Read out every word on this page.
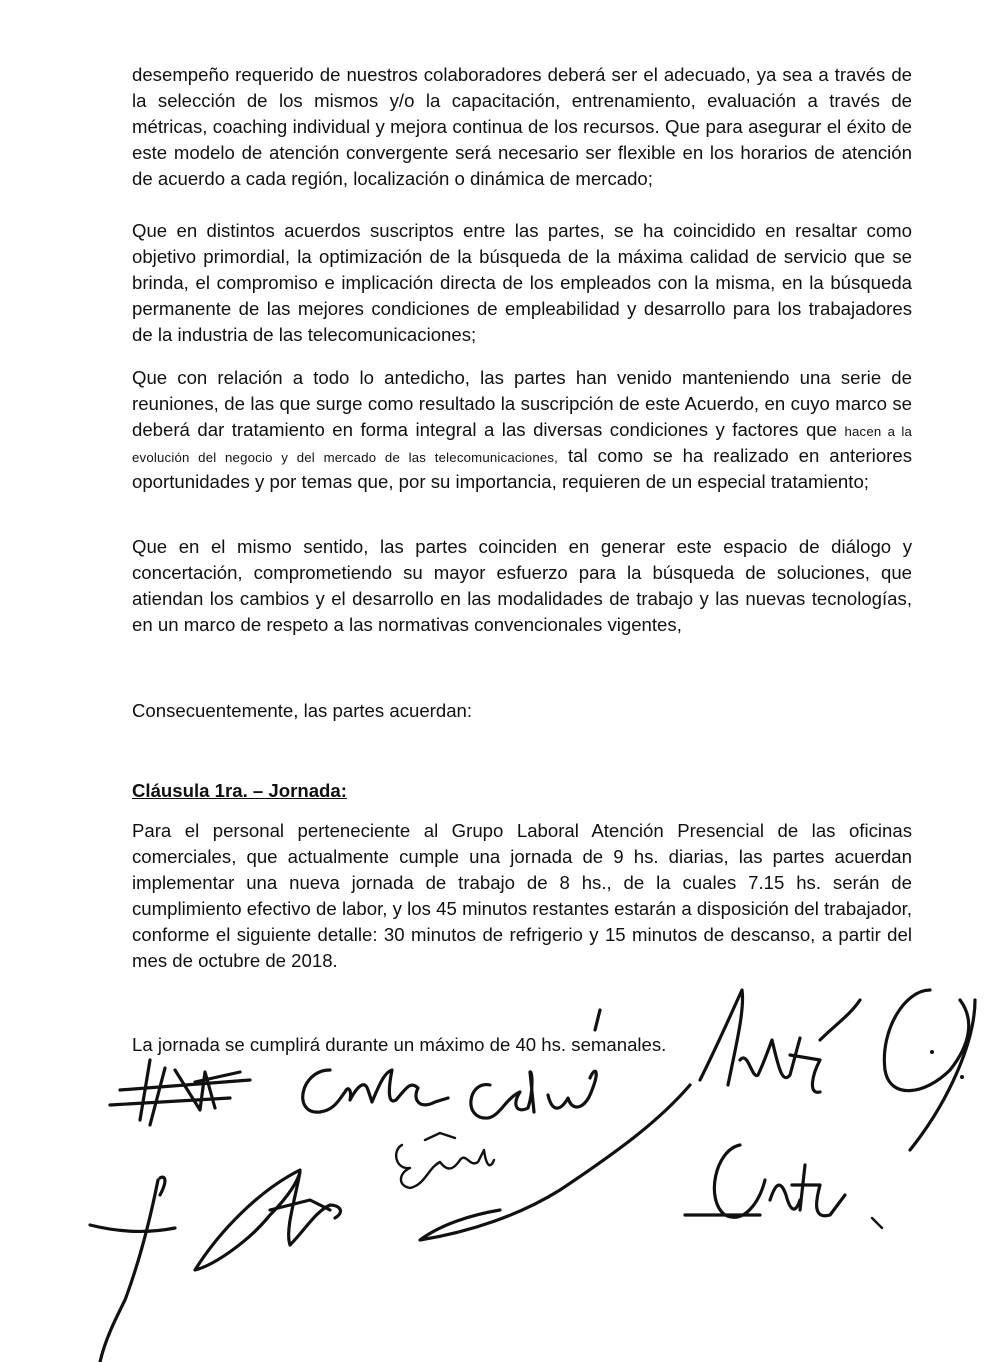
desempeño requerido de nuestros colaboradores deberá ser el adecuado, ya sea a través de la selección de los mismos y/o la capacitación, entrenamiento, evaluación a través de métricas, coaching individual y mejora continua de los recursos. Que para asegurar el éxito de este modelo de atención convergente será necesario ser flexible en los horarios de atención de acuerdo a cada región, localización o dinámica de mercado;

Que en distintos acuerdos suscriptos entre las partes, se ha coincidido en resaltar como objetivo primordial, la optimización de la búsqueda de la máxima calidad de servicio que se brinda, el compromiso e implicación directa de los empleados con la misma, en la búsqueda permanente de las mejores condiciones de empleabilidad y desarrollo para los trabajadores de la industria de las telecomunicaciones;

Que con relación a todo lo antedicho, las partes han venido manteniendo una serie de reuniones, de las que surge como resultado la suscripción de este Acuerdo, en cuyo marco se deberá dar tratamiento en forma integral a las diversas condiciones y factores que hacen a la evolución del negocio y del mercado de las telecomunicaciones, tal como se ha realizado en anteriores oportunidades y por temas que, por su importancia, requieren de un especial tratamiento;

Que en el mismo sentido, las partes coinciden en generar este espacio de diálogo y concertación, comprometiendo su mayor esfuerzo para la búsqueda de soluciones, que atiendan los cambios y el desarrollo en las modalidades de trabajo y las nuevas tecnologías, en un marco de respeto a las normativas convencionales vigentes,

Consecuentemente, las partes acuerdan:

Cláusula 1ra. – Jornada:

Para el personal perteneciente al Grupo Laboral Atención Presencial de las oficinas comerciales, que actualmente cumple una jornada de 9 hs. diarias, las partes acuerdan implementar una nueva jornada de trabajo de 8 hs., de la cuales 7.15 hs. serán de cumplimiento efectivo de labor, y los 45 minutos restantes estarán a disposición del trabajador, conforme el siguiente detalle: 30 minutos de refrigerio y 15 minutos de descanso, a partir del mes de octubre de 2018.

La jornada se cumplirá durante un máximo de 40 hs. semanales.
